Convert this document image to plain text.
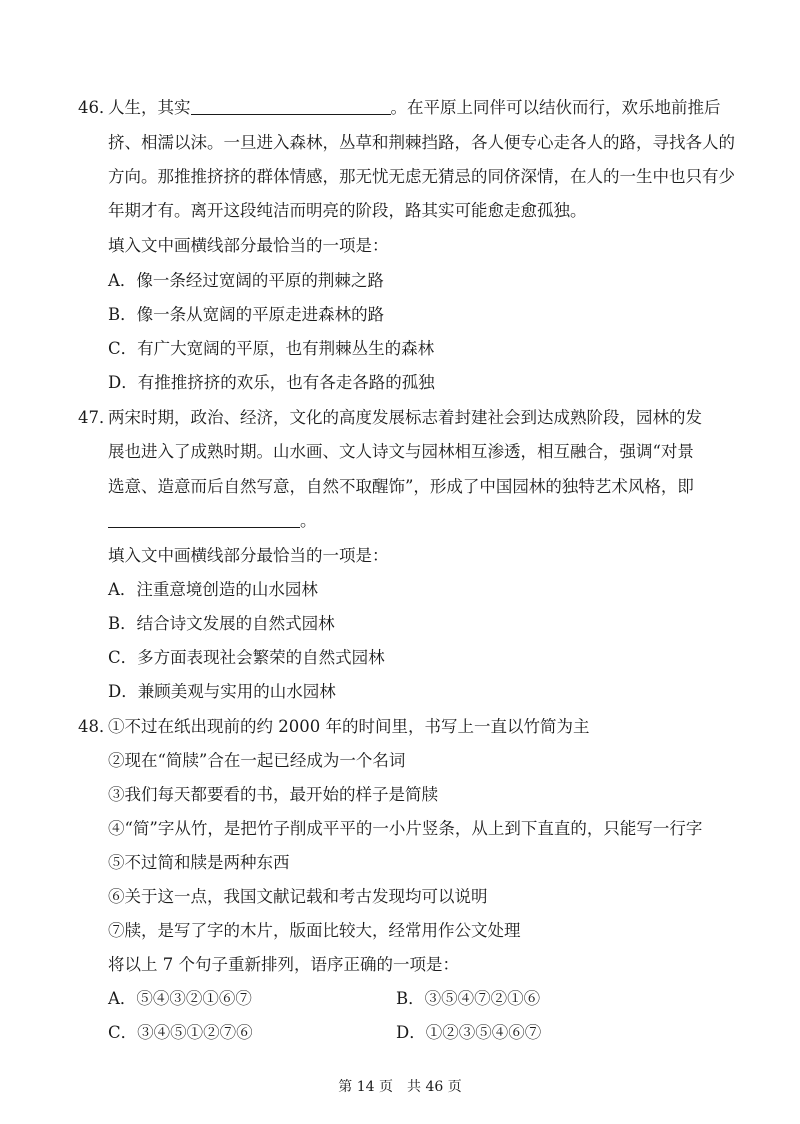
46．
人生，其实	。在平原上同伴可以结伙而行，欢乐地前推后
挤、相濡以沫。一旦进入森林，丛草和荆棘挡路，各人便专心走各人的路，寻找各人的
方向。那推推挤挤的群体情感，那无忧无虑无猜忌的同侪深情，在人的一生中也只有少
年期才有。离开这段纯洁而明亮的阶段，路其实可能愈走愈孤独。
填入文中画横线部分最恰当的一项是：
A．像一条经过宽阔的平原的荆棘之路
B．像一条从宽阔的平原走进森林的路
C．有广大宽阔的平原，也有荆棘丛生的森林
D．有推推挤挤的欢乐，也有各走各路的孤独
47．
两宋时期，政治、经济，文化的高度发展标志着封建社会到达成熟阶段，园林的发
展也进入了成熟时期。山水画、文人诗文与园林相互渗透，相互融合，强调“对景
选意、造意而后自然写意，自然不取醒饰”，形成了中国园林的独特艺术风格，即
。
填入文中画横线部分最恰当的一项是：
A．注重意境创造的山水园林
B．结合诗文发展的自然式园林
C．多方面表现社会繁荣的自然式园林
D．兼顾美观与实用的山水园林
48．
①不过在纸出现前的约 2000 年的时间里，书写上一直以竹简为主
②现在“简牍”合在一起已经成为一个名词
③我们每天都要看的书，最开始的样子是简牍
④“简”字从竹，是把竹子削成平平的一小片竖条，从上到下直直的，只能写一行字
⑤不过简和牍是两种东西
⑥关于这一点，我国文献记载和考古发现均可以说明
⑦牍，是写了字的木片，版面比较大，经常用作公文处理
将以上 7 个句子重新排列，语序正确的一项是：
A．⑤④③②①⑥⑦	B．③⑤④⑦②①⑥
C．③④⑤①②⑦⑥	D．①②③⑤④⑥⑦
第 14 页　共 46 页
